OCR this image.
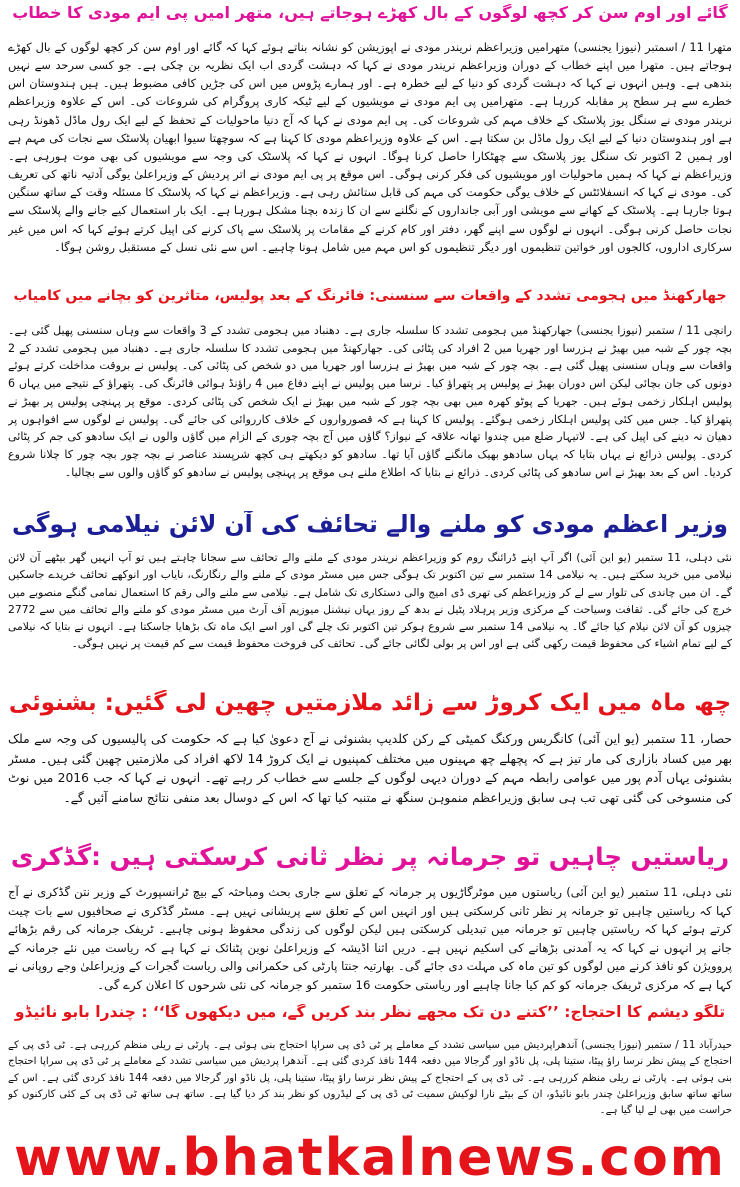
گائے اور اوم سن کر کچھ لوگوں کے بال کھڑے ہوجاتے ہیں، متھر امیں پی ایم مودی کا خطاب
متھرا 11 / اسمتبر (نیوزا یجنسی) متھرامیں وزیراعظم نریندر مودی نے اپوزیشن کو نشانہ بناتے ہوئے کہا کہ گائے اور اوم سن کر کچھ لوگوں کے بال کھڑے ہوجاتے ہیں۔ متھرا میں اپنے خطاب کے دوران وزیراعظم نریندر مودی نے کہا کہ دہشت گردی اب ایک نظریہ بن چکی ہے۔ جو کسی سرحد سے نہیں بندھی ہے۔ وہیں انہوں نے کہا کہ دہشت گردی کو دنیا کے لیے خطرہ ہے۔ اور ہمارے پڑوس میں اس کی جڑیں کافی مضبوط ہیں۔ ہیں ہندوستان اس خطرے سے ہر سطح پر مقابلہ کررہا ہے۔ متھرامیں پی ایم مودی نے مویشیوں کے لیے ٹیکہ کاری پروگرام کی شروعات کی۔ اس کے علاوہ وزیراعظم نریندر مودی نے سنگل یوز پلاسٹک کے خلاف مہم کی شروعات کی۔ پی ایم مودی نے کہا کہ آج دنیا ماحولیات کے تحفظ کے لیے ایک رول ماڈل ڈھونڈ رہی ہے اور ہندوستان دنیا کے لیے ایک رول ماڈل بن سکتا ہے۔ اس کے علاوہ وزیراعظم مودی کا کہنا ہے کہ سوچھتا سیوا ابھیان پلاسٹک سے نجات کی مہم ہے اور ہمیں 2 اکتوبر تک سنگل یوز پلاسٹک سے چھٹکارا حاصل کرنا ہوگا۔ انہوں نے کہا کہ پلاسٹک کی وجہ سے مویشیوں کی بھی موت ہورہی ہے۔ وزیراعظم نے کہا کہ ہمیں ماحولیات اور مویشیوں کی فکر کرنی ہوگی۔ اس موقع پر پی ایم مودی نے اتر پردیش کے وزیراعلیٰ یوگی آدتیہ ناتھ کی تعریف کی۔ مودی نے کہا کہ انسفلائٹس کے خلاف یوگی حکومت کی مہم کی قابل ستائش رہی ہے۔ وزیراعظم نے کہا کہ پلاسٹک کا مسئلہ وقت کے ساتھ سنگین ہوتا جارہا ہے۔ پلاسٹک کے کھانے سے مویشی اور آبی جانداروں کے نگلنے سے ان کا زندہ بچنا مشکل ہورہا ہے۔ ایک بار استعمال کیے جانے والے پلاسٹک سے نجات حاصل کرنی ہوگی۔ انہوں نے لوگوں سے اپنے گھر، دفتر اور کام کرنے کے مقامات پر پلاسٹک سے پاک کرنے کی اپیل کرتے ہوئے کہا کہ اس میں غیر سرکاری اداروں، کالجوں اور خواتین تنظیموں اور دیگر تنظیموں کو اس مہم میں شامل ہونا چاہیے۔ اس سے نئی نسل کے مستقبل روشن ہوگا۔
جھارکھنڈ میں ہجومی تشدد کے واقعات سے سنسنی: فائرنگ کے بعد پولیس، متاثرین کو بچانے میں کامیاب
رانچی 11 / ستمبر (نیوزا یجنسی) جھارکھنڈ میں ہجومی تشدد کا سلسلہ جاری ہے۔ دھنباد میں ہجومی تشدد کے 3 واقعات سے وہاں سنسنی پھیل گئی ہے۔ بچہ چور کے شبہ میں بھیڑ نے ہزرسا اور جھریا میں 2 افراد کی پٹائی کی۔ جھارکھنڈ میں ہجومی تشدد کا سلسلہ جاری ہے۔ دھنباد میں ہجومی تشدد کے 2 واقعات سے وہاں سنسنی پھیل گئی ہے۔ بچہ چور کے شبہ میں بھیڑ نے ہزرسا اور جھریا میں دو شخص کی پٹائی کی۔ پولیس نے بروقت مداخلت کرتے ہوئے دونوں کی جان بچائی لیکن اس دوران بھیڑ نے پولیس پر پتھراؤ کیا۔ نرسا میں پولیس نے اپنے دفاع میں 4 راؤنڈ ہوائی فائرنگ کی۔ پتھراؤ کے نتیجے میں یہاں 6 پولیس اہلکار زخمی ہوئے ہیں۔ جھریا کے پوٹو کھرہ میں بھی بچہ چور کے شبہ میں بھیڑ نے ایک شخص کی پٹائی کردی۔ موقع پر پہنچی پولیس پر بھیڑ نے پتھراؤ کیا۔ جس میں کئی پولیس اہلکار زخمی ہوگئے۔ پولیس کا کہنا ہے کہ قصورواروں کے خلاف کارروائی کی جائے گی۔ پولیس نے لوگوں سے افواہوں پر دھیان نہ دینے کی اپیل کی ہے۔ لاتیہار ضلع میں چندوا تھانہ علاقہ کے نیواز؟ گاؤں میں آج بچہ چوری کے الزام میں گاؤں والوں نے ایک سادھو کی جم کر پٹائی کردی۔ پولیس ذرائع نے یہاں بتایا کہ یہاں سادھو بھیک مانگنے گاؤں آیا تھا۔ سادھو کو دیکھتے ہی کچھ شرپسند عناصر نے بچہ چور بچہ چور کا چلانا شروع کردیا۔ اس کے بعد بھیڑ نے اس سادھو کی پٹائی کردی۔ ذرائع نے بتایا کہ اطلاع ملنے ہی موقع پر پہنچی پولیس نے سادھو کو گاؤں والوں سے بچالیا۔
وزیر اعظم مودی کو ملنے والے تحائف کی آن لائن نیلامی ہوگی
نئی دہلی، 11 ستمبر (یو این آئی) اگر آپ اپنے ڈرائنگ روم کو وزیراعظم نریندر مودی کے ملنے والے تحائف سے سجانا چاہتے ہیں تو آپ انہیں گھر بیٹھے آن لائن نیلامی میں خرید سکتے ہیں۔ یہ نیلامی 14 ستمبر سے تین اکتوبر تک ہوگی جس میں مسٹر مودی کے ملنے والے رنگارنگ، نایاب اور انوکھے تحائف خریدے جاسکیں گے۔ ان میں چاندی کی تلوار سے لے کر وزیراعظم کی تھری ڈی امیج والی دستکاری تک شامل ہے۔ نیلامی سے ملنے والی رقم کا استعمال نمامی گنگے منصوبے میں خرچ کی جائے گی۔ ثقافت وسیاحت کے مرکزی وزیر پرہلاد پٹیل نے بدھ کے روز یہاں نیشنل میوزیم آف آرٹ میں مسٹر مودی کو ملنے والے تحائف میں سے 2772 چیزوں کو آن لائن نیلام کیا جائے گا۔ یہ نیلامی 14 ستمبر سے شروع ہوکر تین اکتوبر تک چلے گی اور اسے ایک ماہ تک بڑھایا جاسکتا ہے۔ انہوں نے بتایا کہ نیلامی کے لیے تمام اشیاء کی محفوظ قیمت رکھی گئی ہے اور اس پر بولی لگائی جائے گی۔ تحائف کی فروخت محفوظ قیمت سے کم قیمت پر نہیں ہوگی۔
چھ ماہ میں ایک کروڑ سے زائد ملازمتیں چھین لی گئیں: بشنوئی
حصار، 11 ستمبر (یو این آئی) کانگریس ورکنگ کمیٹی کے رکن کلدیپ بشنوئی نے آج دعویٰ کیا ہے کہ حکومت کی پالیسیوں کی وجہ سے ملک بھر میں کساد بازاری کی مار تیز ہے کہ پچھلے چھ مہینوں میں مختلف کمپنیوں نے ایک کروڑ 14 لاکھ افراد کی ملازمتیں چھین گئی ہیں۔ مسٹر بشنوئی یہاں آدم پور میں عوامی رابطہ مہم کے دوران دیہی لوگوں کے جلسے سے خطاب کر رہے تھے۔ انہوں نے کہا کہ جب 2016 میں نوٹ کی منسوخی کی گئی تھی تب ہی سابق وزیراعظم منموہن سنگھ نے متنبہ کیا تھا کہ اس کے دوسال بعد منفی نتائج سامنے آئیں گے۔
ریاستیں چاہیں تو جرمانہ پر نظر ثانی کرسکتی ہیں :گڈکری
نئی دہلی، 11 ستمبر (یو این آئی) ریاستوں میں موٹرگاڑیوں پر جرمانہ کے تعلق سے جاری بحث ومباحثہ کے بیچ ٹرانسپورٹ کے وزیر نتن گڈکری نے آج کہا کہ ریاستیں چاہیں تو جرمانہ پر نظر ثانی کرسکتی ہیں اور انہیں اس کے تعلق سے پریشانی نہیں ہے۔ مسٹر گڈکری نے صحافیوں سے بات چیت کرتے ہوئے کہا کہ ریاستیں چاہیں تو جرمانہ میں تبدیلی کرسکتی ہیں لیکن لوگوں کی زندگی محفوظ ہونی چاہیے۔ ٹریفک جرمانہ کی رقم بڑھائے جانے پر انہوں نے کہا کہ یہ آمدنی بڑھانے کی اسکیم نہیں ہے۔ دریں اثنا اڈیشہ کے وزیراعلیٰ نوین پٹنائک نے کہا ہے کہ ریاست میں نئے جرمانہ کے پروویژن کو نافذ کرنے میں لوگوں کو تین ماہ کی مہلت دی جائے گی۔ بھارتیہ جنتا پارٹی کی حکمرانی والی ریاست گجرات کے وزیراعلیٰ وجے روپانی نے کہا ہے کہ مرکزی ٹریفک جرمانہ کو کم کیا جانا چاہیے اور ریاستی حکومت 16 ستمبر کو جرمانہ کی نئی شرحوں کا اعلان کرے گی۔
تلگو دیشم کا احتجاج: ’’کتنے دن تک مجھے نظر بند کریں گے، میں دیکھوں گا‘‘ : چندرا بابو نائیڈو
حیدرآباد 11 / ستمبر (نیوزا یجنسی) آندھراپردیش میں سیاسی تشدد کے معاملے پر ٹی ڈی پی سراپا احتجاج بنی ہوئی ہے۔ پارٹی نے ریلی منظم کررہی ہے۔ ٹی ڈی پی کے احتجاج کے پیش نظر نرسا راؤ پیٹا، ستینا پلی، پل ناڈو اور گرجالا میں دفعہ 144 نافذ کردی گئی ہے۔ آندھرا پردیش میں سیاسی تشدد کے معاملے پر ٹی ڈی پی سراپا احتجاج بنی ہوئی ہے۔ پارٹی نے ریلی منظم کررہی ہے۔ ٹی ڈی پی کے احتجاج کے پیش نظر نرسا راؤ پیٹا، ستینا پلی، پل ناڈو اور گرجالا میں دفعہ 144 نافذ کردی گئی ہے۔ اس کے ساتھ ساتھ سابق وزیراعلیٰ چندر بابو نائیڈو، ان کے بیٹے نارا لوکیش سمیت ٹی ڈی پی کے لیڈروں کو نظر بند کر دیا گیا ہے۔ ساتھ ہی ساتھ ٹی ڈی پی کے کئی کارکنوں کو حراست میں بھی لے لیا گیا ہے۔
www.bhatkalnews.com
